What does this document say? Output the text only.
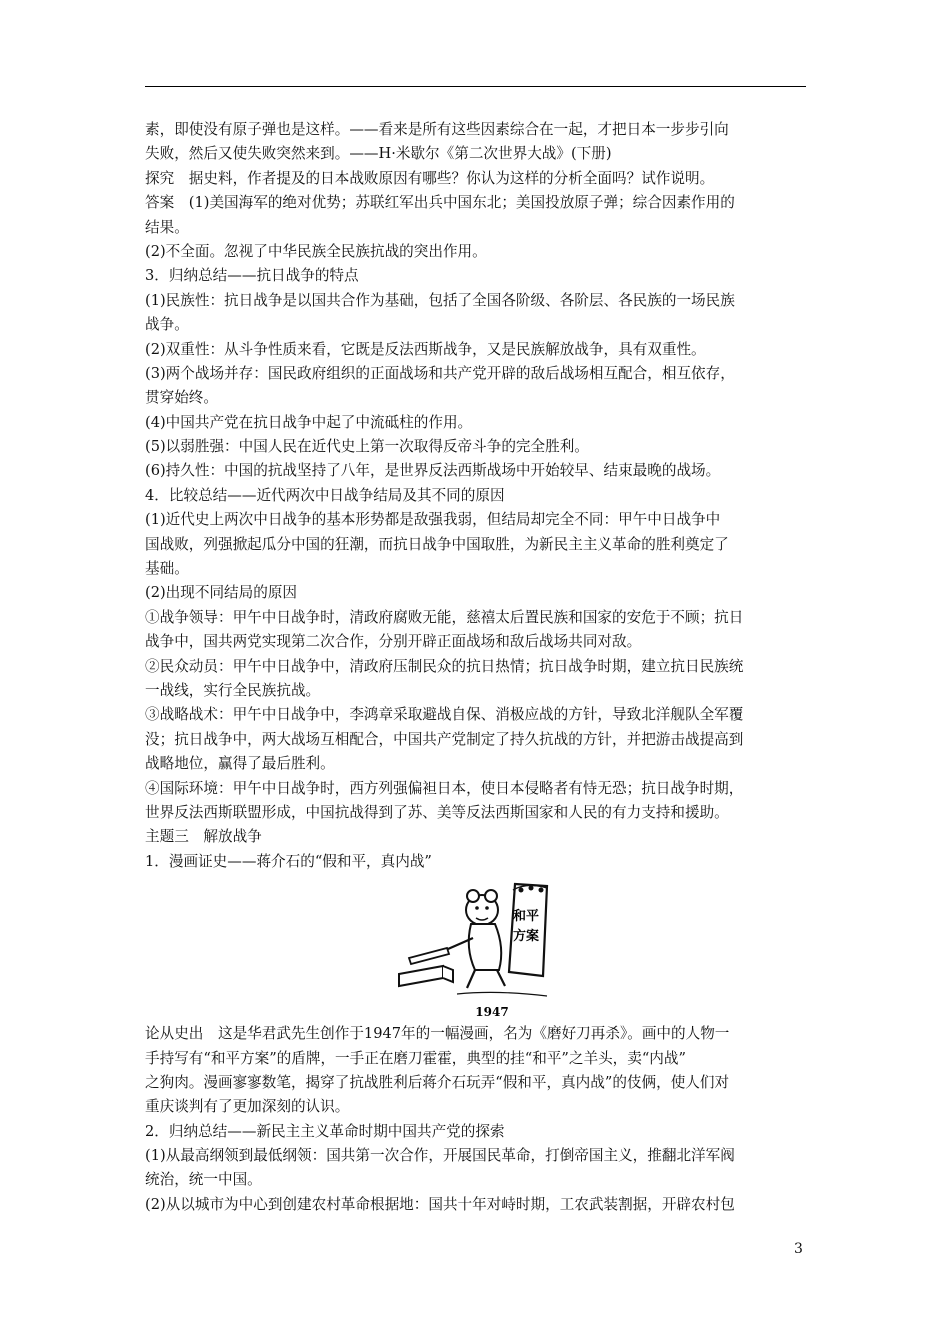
素，即使没有原子弹也是这样。——看来是所有这些因素综合在一起，才把日本一步步引向
失败，然后又使失败突然来到。——H·米歇尔《第二次世界大战》(下册)
探究　据史料，作者提及的日本战败原因有哪些？你认为这样的分析全面吗？试作说明。
答案　(1)美国海军的绝对优势；苏联红军出兵中国东北；美国投放原子弹；综合因素作用的
结果。
(2)不全面。忽视了中华民族全民族抗战的突出作用。
3．归纳总结——抗日战争的特点
(1)民族性：抗日战争是以国共合作为基础，包括了全国各阶级、各阶层、各民族的一场民族
战争。
(2)双重性：从斗争性质来看，它既是反法西斯战争，又是民族解放战争，具有双重性。
(3)两个战场并存：国民政府组织的正面战场和共产党开辟的敌后战场相互配合，相互依存，
贯穿始终。
(4)中国共产党在抗日战争中起了中流砥柱的作用。
(5)以弱胜强：中国人民在近代史上第一次取得反帝斗争的完全胜利。
(6)持久性：中国的抗战坚持了八年，是世界反法西斯战场中开始较早、结束最晚的战场。
4．比较总结——近代两次中日战争结局及其不同的原因
(1)近代史上两次中日战争的基本形势都是敌强我弱，但结局却完全不同：甲午中日战争中
国战败，列强掀起瓜分中国的狂潮，而抗日战争中国取胜，为新民主主义革命的胜利奠定了
基础。
(2)出现不同结局的原因
①战争领导：甲午中日战争时，清政府腐败无能，慈禧太后置民族和国家的安危于不顾；抗日
战争中，国共两党实现第二次合作，分别开辟正面战场和敌后战场共同对敌。
②民众动员：甲午中日战争中，清政府压制民众的抗日热情；抗日战争时期，建立抗日民族统
一战线，实行全民族抗战。
③战略战术：甲午中日战争中，李鸿章采取避战自保、消极应战的方针，导致北洋舰队全军覆
没；抗日战争中，两大战场互相配合，中国共产党制定了持久抗战的方针，并把游击战提高到
战略地位，赢得了最后胜利。
④国际环境：甲午中日战争时，西方列强偏袒日本，使日本侵略者有恃无恐；抗日战争时期，
世界反法西斯联盟形成，中国抗战得到了苏、美等反法西斯国家和人民的有力支持和援助。
主题三　解放战争
1．漫画证史——蒋介石的“假和平，真内战”
和平
方案
1947
论从史出　这是华君武先生创作于1947年的一幅漫画，名为《磨好刀再杀》。画中的人物一
手持写有“和平方案”的盾牌，一手正在磨刀霍霍，典型的挂“和平”之羊头，卖“内战”
之狗肉。漫画寥寥数笔，揭穿了抗战胜利后蒋介石玩弄“假和平，真内战”的伎俩，使人们对
重庆谈判有了更加深刻的认识。
2．归纳总结——新民主主义革命时期中国共产党的探索
(1)从最高纲领到最低纲领：国共第一次合作，开展国民革命，打倒帝国主义，推翻北洋军阀
统治，统一中国。
(2)从以城市为中心到创建农村革命根据地：国共十年对峙时期，工农武装割据，开辟农村包
3
